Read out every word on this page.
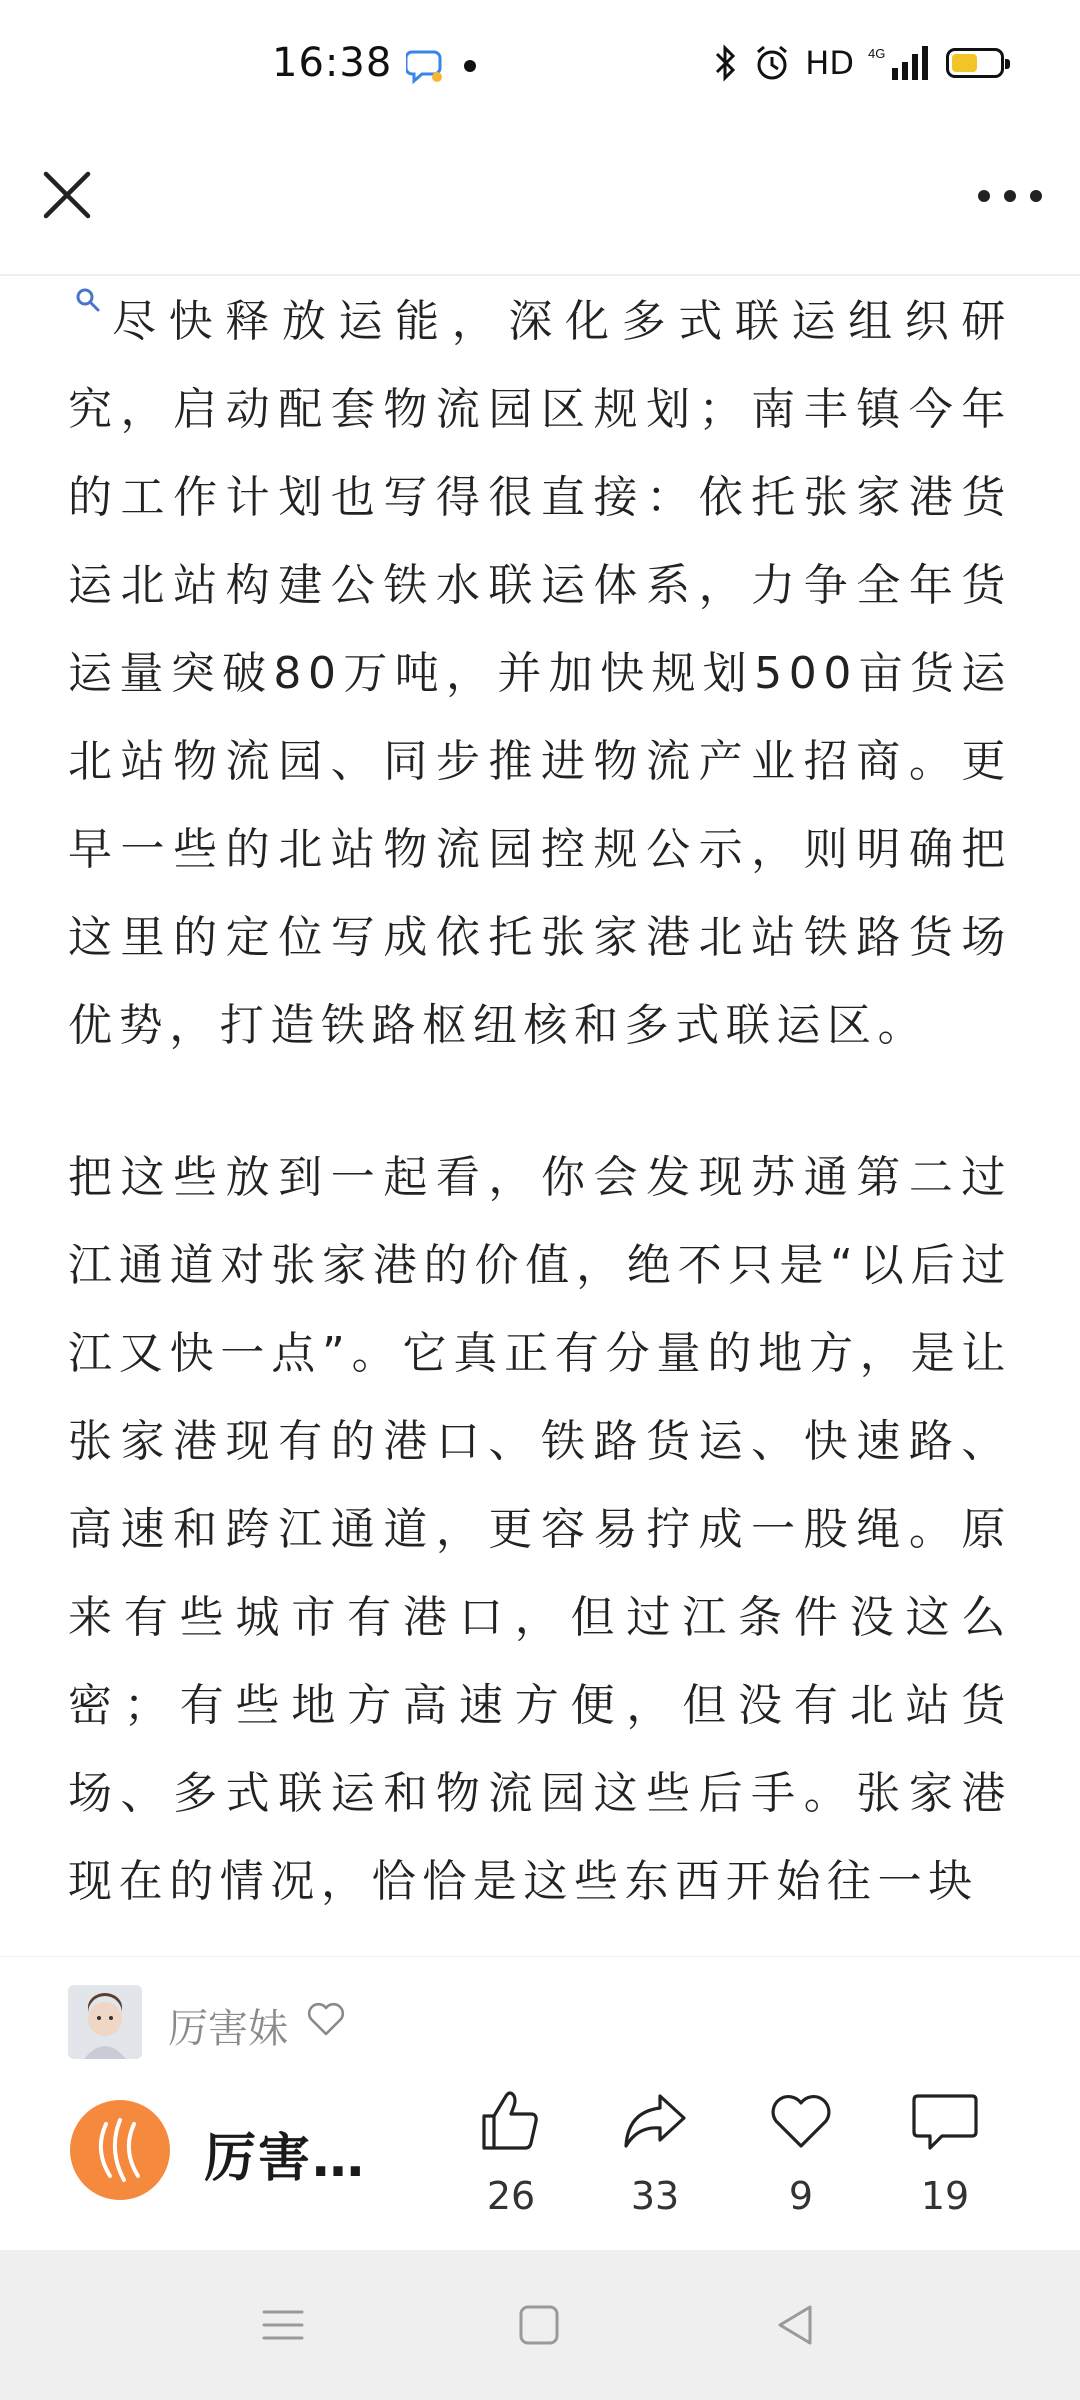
16:38	HD 4G

尽快释放运能，深化多式联运组织研究，启动配套物流园区规划；南丰镇今年的工作计划也写得很直接：依托张家港货运北站构建公铁水联运体系，力争全年货运量突破80万吨，并加快规划500亩货运北站物流园、同步推进物流产业招商。更早一些的北站物流园控规公示，则明确把这里的定位写成依托张家港北站铁路货场优势，打造铁路枢纽核和多式联运区。

把这些放到一起看，你会发现苏通第二过江通道对张家港的价值，绝不只是“以后过江又快一点”。它真正有分量的地方，是让张家港现有的港口、铁路货运、快速路、高速和跨江通道，更容易拧成一股绳。原来有些城市有港口，但过江条件没这么密；有些地方高速方便，但没有北站货场、多式联运和物流园这些后手。张家港现在的情况，恰恰是这些东西开始往一块

厉害妹
厉害…
26	33	9	19
